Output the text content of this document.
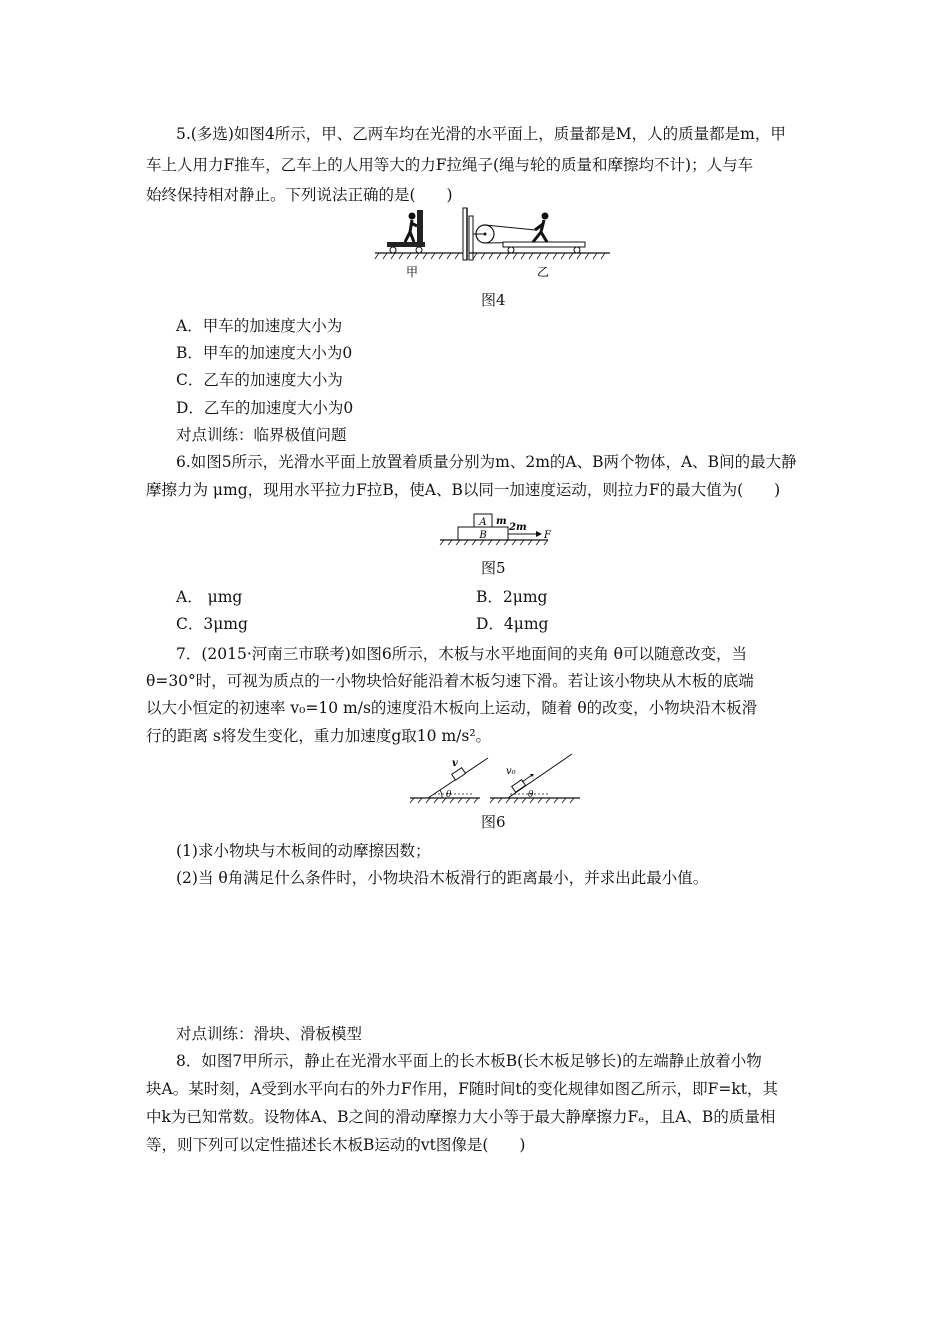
5.(多选)如图4所示，甲、乙两车均在光滑的水平面上，质量都是M，人的质量都是m，甲
车上人用力F推车，乙车上的人用等大的力F拉绳子(绳与轮的质量和摩擦均不计)；人与车
始终保持相对静止。下列说法正确的是(　　)
甲	乙
图4
A．甲车的加速度大小为
B．甲车的加速度大小为0
C．乙车的加速度大小为
D．乙车的加速度大小为0
对点训练：临界极值问题
6.如图5所示，光滑水平面上放置着质量分别为m、2m的A、B两个物体，A、B间的最大静
摩擦力为 μmg，现用水平拉力F拉B，使A、B以同一加速度运动，则拉力F的最大值为(　　)
A m
B
2m
F
图5
A． μmg	B．2μmg
C．3μmg	D．4μmg
7．(2015·河南三市联考)如图6所示，木板与水平地面间的夹角 θ可以随意改变，当
θ=30°时，可视为质点的一小物块恰好能沿着木板匀速下滑。若让该小物块从木板的底端
以大小恒定的初速率 v₀=10 m/s的速度沿木板向上运动，随着 θ的改变，小物块沿木板滑
行的距离 s将发生变化，重力加速度g取10 m/s²。
θ
v
v₀
θ
图6
(1)求小物块与木板间的动摩擦因数；
(2)当 θ角满足什么条件时，小物块沿木板滑行的距离最小，并求出此最小值。
对点训练：滑块、滑板模型
8．如图7甲所示，静止在光滑水平面上的长木板B(长木板足够长)的左端静止放着小物
块A。某时刻，A受到水平向右的外力F作用，F随时间t的变化规律如图乙所示，即F=kt，其
中k为已知常数。设物体A、B之间的滑动摩擦力大小等于最大静摩擦力Fₑ，且A、B的质量相
等，则下列可以定性描述长木板B运动的vt图像是(　　)
